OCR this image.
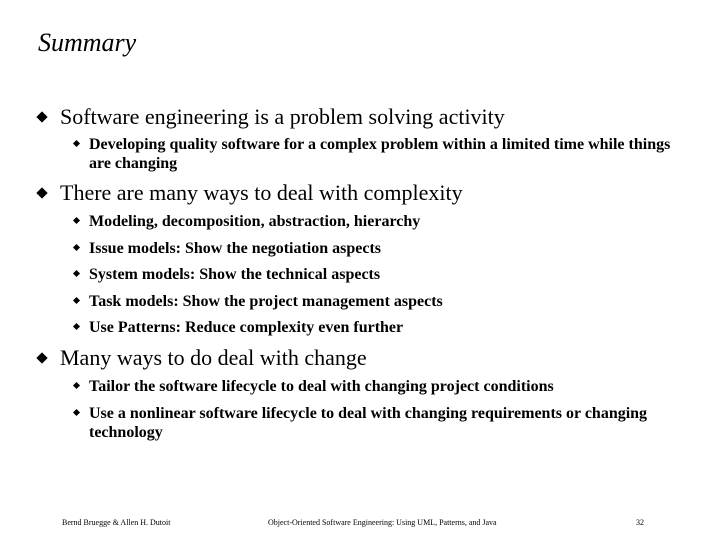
Summary
Software engineering is a problem solving activity
Developing quality software for a complex problem within a limited time while things are changing
There are many ways to deal with complexity
Modeling, decomposition, abstraction, hierarchy
Issue models: Show the negotiation aspects
System models: Show the technical aspects
Task models: Show the project management aspects
Use Patterns: Reduce complexity even further
Many ways to do deal with change
Tailor the software lifecycle to deal with changing project conditions
Use a nonlinear software lifecycle to deal with changing requirements or changing technology
Bernd Bruegge & Allen H. Dutoit	Object-Oriented Software Engineering: Using UML, Patterns, and Java	32
